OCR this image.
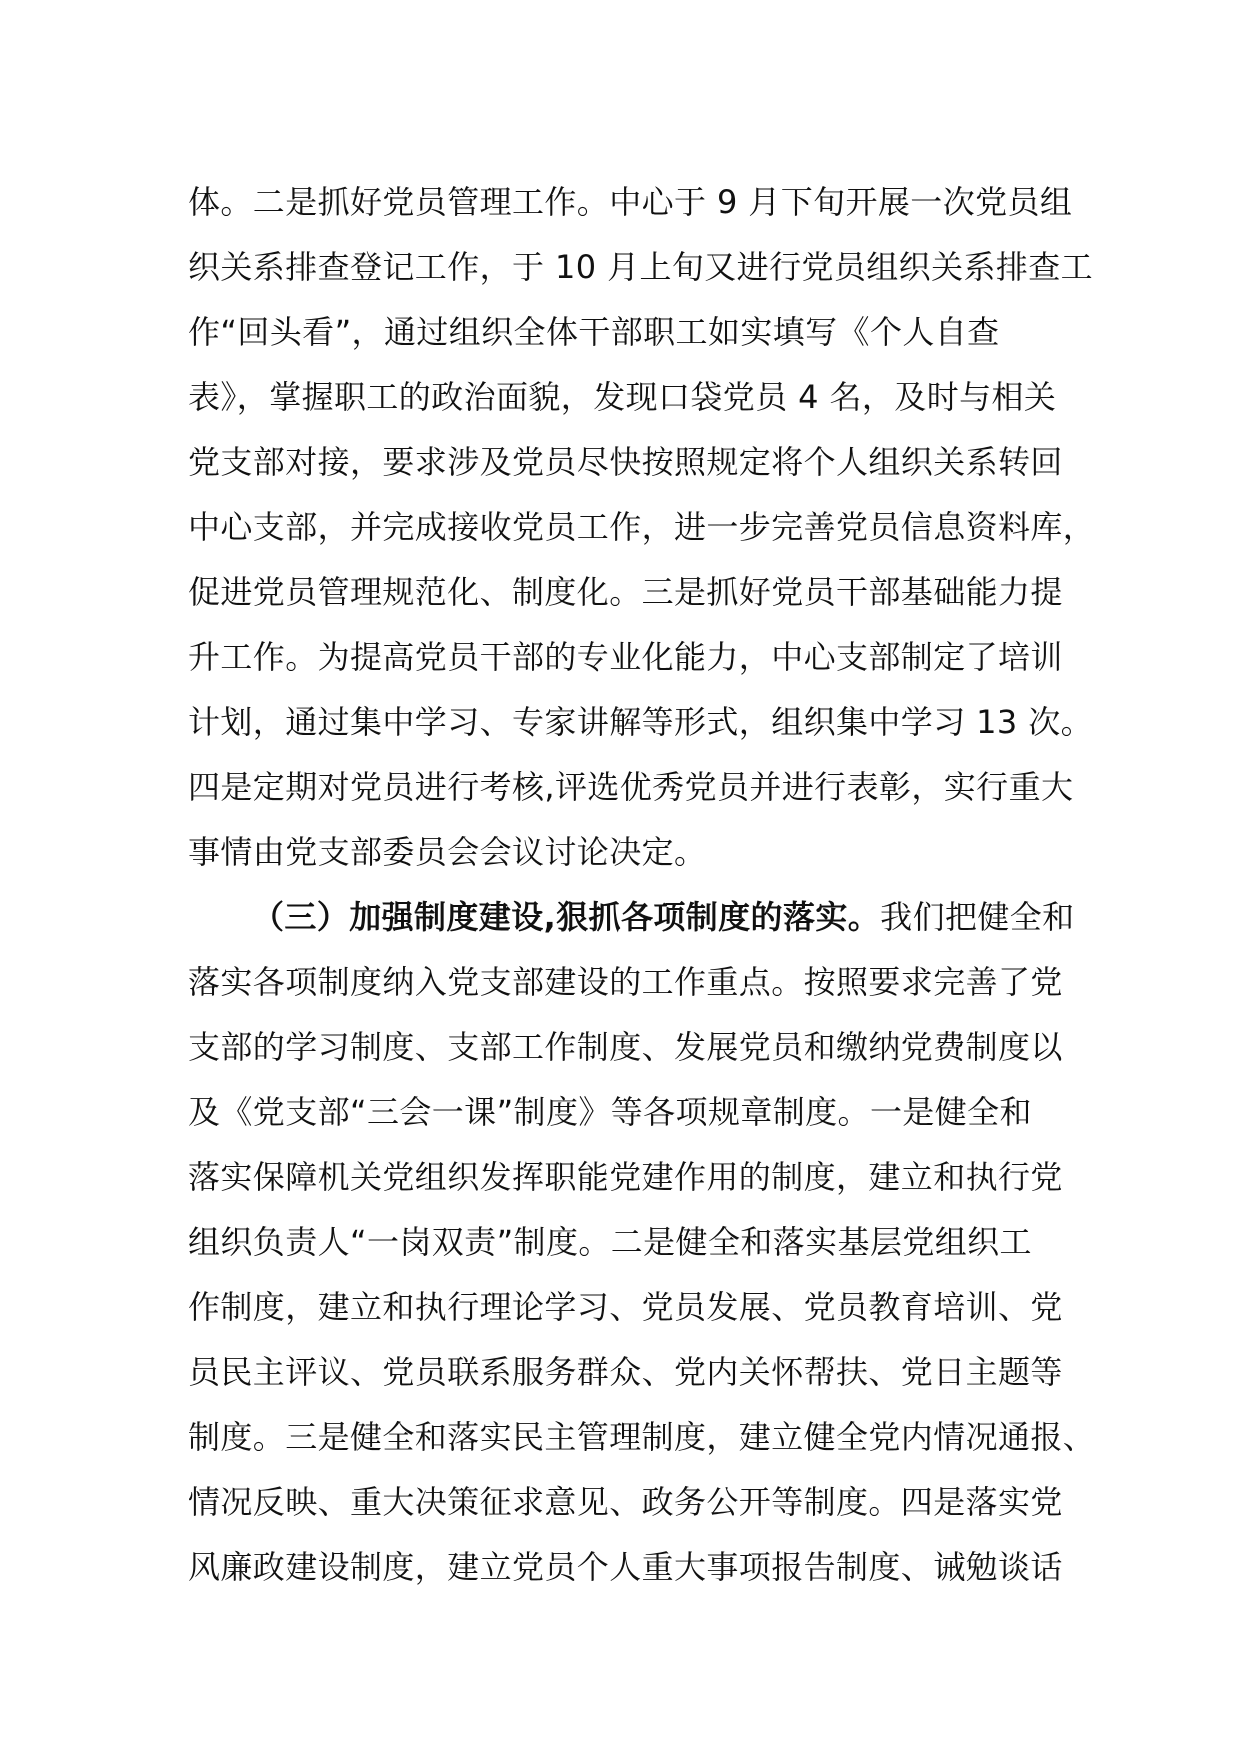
体。二是抓好党员管理工作。中心于 9 月下旬开展一次党员组
织关系排查登记工作，于 10 月上旬又进行党员组织关系排查工
作“回头看”，通过组织全体干部职工如实填写《个人自查
表》，掌握职工的政治面貌，发现口袋党员 4 名，及时与相关
党支部对接，要求涉及党员尽快按照规定将个人组织关系转回
中心支部，并完成接收党员工作，进一步完善党员信息资料库，
促进党员管理规范化、制度化。三是抓好党员干部基础能力提
升工作。为提高党员干部的专业化能力，中心支部制定了培训
计划，通过集中学习、专家讲解等形式，组织集中学习 13 次。
四是定期对党员进行考核,评选优秀党员并进行表彰，实行重大
事情由党支部委员会会议讨论决定。
（三）加强制度建设,狠抓各项制度的落实。我们把健全和
落实各项制度纳入党支部建设的工作重点。按照要求完善了党
支部的学习制度、支部工作制度、发展党员和缴纳党费制度以
及《党支部“三会一课”制度》等各项规章制度。一是健全和
落实保障机关党组织发挥职能党建作用的制度，建立和执行党
组织负责人“一岗双责”制度。二是健全和落实基层党组织工
作制度，建立和执行理论学习、党员发展、党员教育培训、党
员民主评议、党员联系服务群众、党内关怀帮扶、党日主题等
制度。三是健全和落实民主管理制度，建立健全党内情况通报、
情况反映、重大决策征求意见、政务公开等制度。四是落实党
风廉政建设制度，建立党员个人重大事项报告制度、诫勉谈话
